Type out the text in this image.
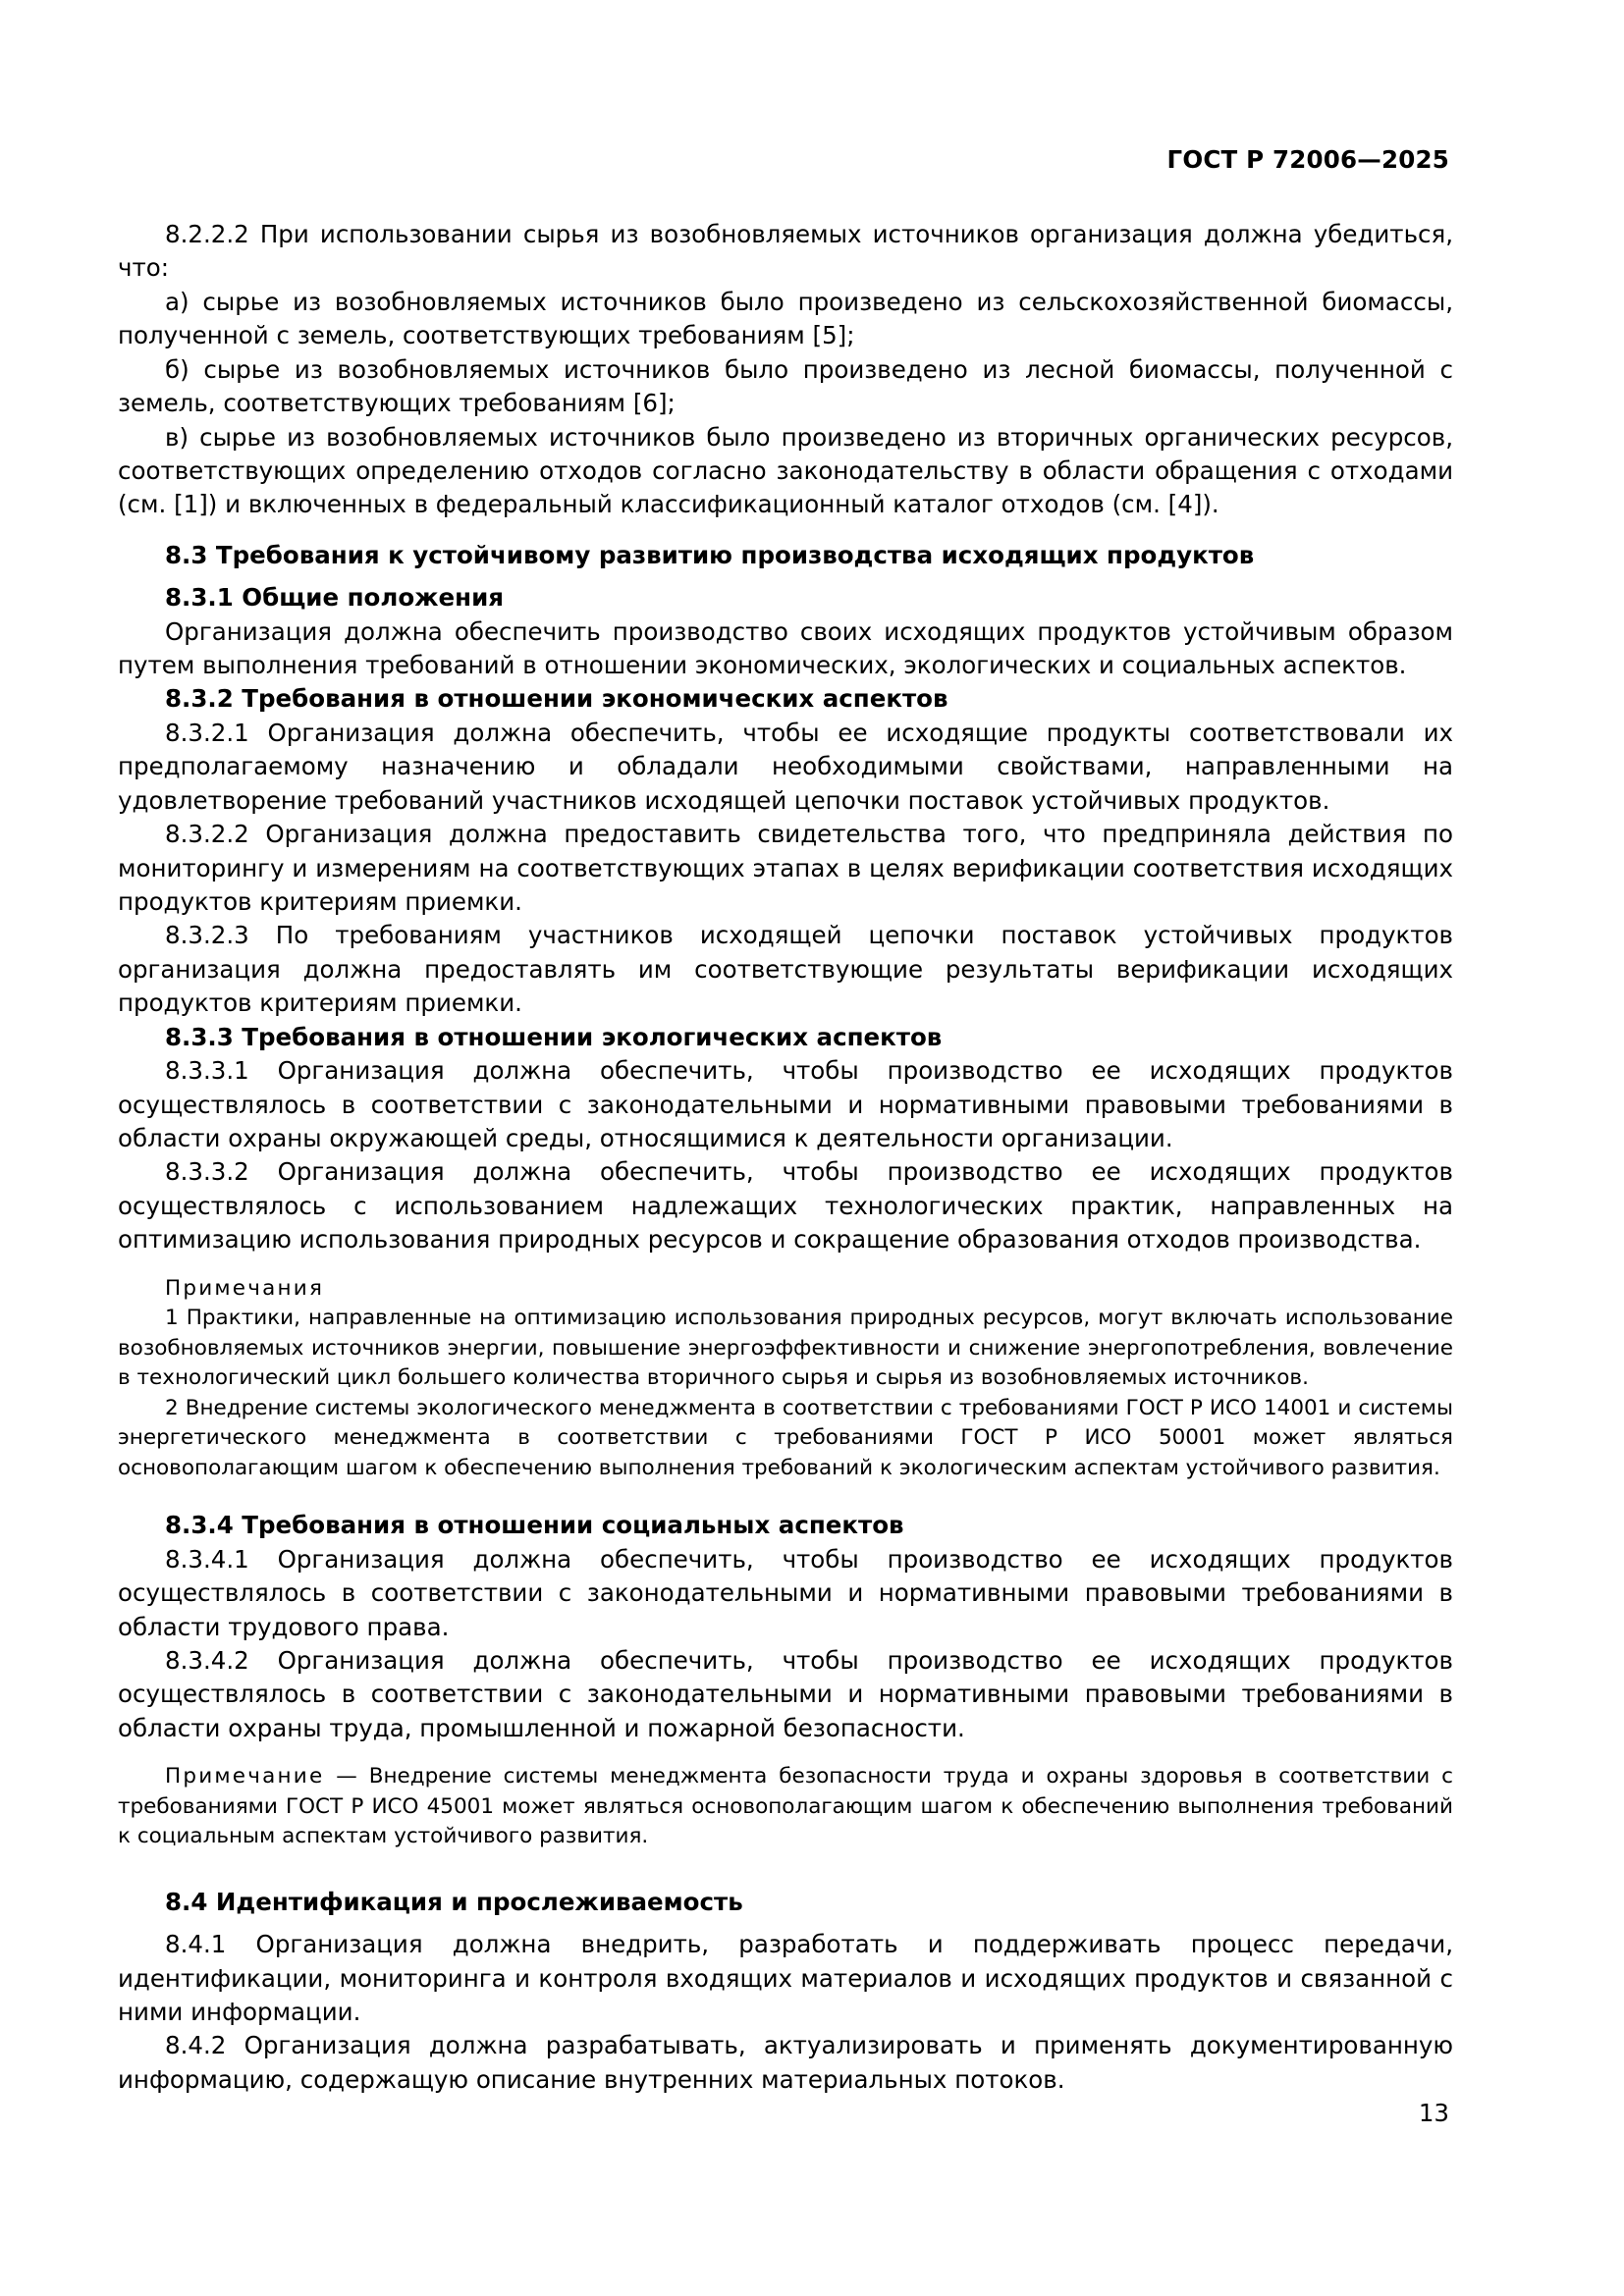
ГОСТ Р 72006—2025

8.2.2.2 При использовании сырья из возобновляемых источников организация должна убедиться, что:

а) сырье из возобновляемых источников было произведено из сельскохозяйственной биомассы, полученной с земель, соответствующих требованиям [5];

б) сырье из возобновляемых источников было произведено из лесной биомассы, полученной с земель, соответствующих требованиям [6];

в) сырье из возобновляемых источников было произведено из вторичных органических ресурсов, соответствующих определению отходов согласно законодательству в области обращения с отходами (см. [1]) и включенных в федеральный классификационный каталог отходов (см. [4]).

8.3 Требования к устойчивому развитию производства исходящих продуктов
8.3.1 Общие положения

Организация должна обеспечить производство своих исходящих продуктов устойчивым образом путем выполнения требований в отношении экономических, экологических и социальных аспектов.

8.3.2 Требования в отношении экономических аспектов

8.3.2.1 Организация должна обеспечить, чтобы ее исходящие продукты соответствовали их предполагаемому назначению и обладали необходимыми свойствами, направленными на удовлетворение требований участников исходящей цепочки поставок устойчивых продуктов.

8.3.2.2 Организация должна предоставить свидетельства того, что предприняла действия по мониторингу и измерениям на соответствующих этапах в целях верификации соответствия исходящих продуктов критериям приемки.

8.3.2.3 По требованиям участников исходящей цепочки поставок устойчивых продуктов организация должна предоставлять им соответствующие результаты верификации исходящих продуктов критериям приемки.

8.3.3 Требования в отношении экологических аспектов

8.3.3.1 Организация должна обеспечить, чтобы производство ее исходящих продуктов осуществлялось в соответствии с законодательными и нормативными правовыми требованиями в области охраны окружающей среды, относящимися к деятельности организации.

8.3.3.2 Организация должна обеспечить, чтобы производство ее исходящих продуктов осуществлялось с использованием надлежащих технологических практик, направленных на оптимизацию использования природных ресурсов и сокращение образования отходов производства.

Примечания

1 Практики, направленные на оптимизацию использования природных ресурсов, могут включать использование возобновляемых источников энергии, повышение энергоэффективности и снижение энергопотребления, вовлечение в технологический цикл большего количества вторичного сырья и сырья из возобновляемых источников.

2 Внедрение системы экологического менеджмента в соответствии с требованиями ГОСТ Р ИСО 14001 и системы энергетического менеджмента в соответствии с требованиями ГОСТ Р ИСО 50001 может являться основополагающим шагом к обеспечению выполнения требований к экологическим аспектам устойчивого развития.

8.3.4 Требования в отношении социальных аспектов

8.3.4.1 Организация должна обеспечить, чтобы производство ее исходящих продуктов осуществлялось в соответствии с законодательными и нормативными правовыми требованиями в области трудового права.

8.3.4.2 Организация должна обеспечить, чтобы производство ее исходящих продуктов осуществлялось в соответствии с законодательными и нормативными правовыми требованиями в области охраны труда, промышленной и пожарной безопасности.

Примечание — Внедрение системы менеджмента безопасности труда и охраны здоровья в соответствии с требованиями ГОСТ Р ИСО 45001 может являться основополагающим шагом к обеспечению выполнения требований к социальным аспектам устойчивого развития.

8.4 Идентификация и прослеживаемость

8.4.1 Организация должна внедрить, разработать и поддерживать процесс передачи, идентификации, мониторинга и контроля входящих материалов и исходящих продуктов и связанной с ними информации.

8.4.2 Организация должна разрабатывать, актуализировать и применять документированную информацию, содержащую описание внутренних материальных потоков.

13
